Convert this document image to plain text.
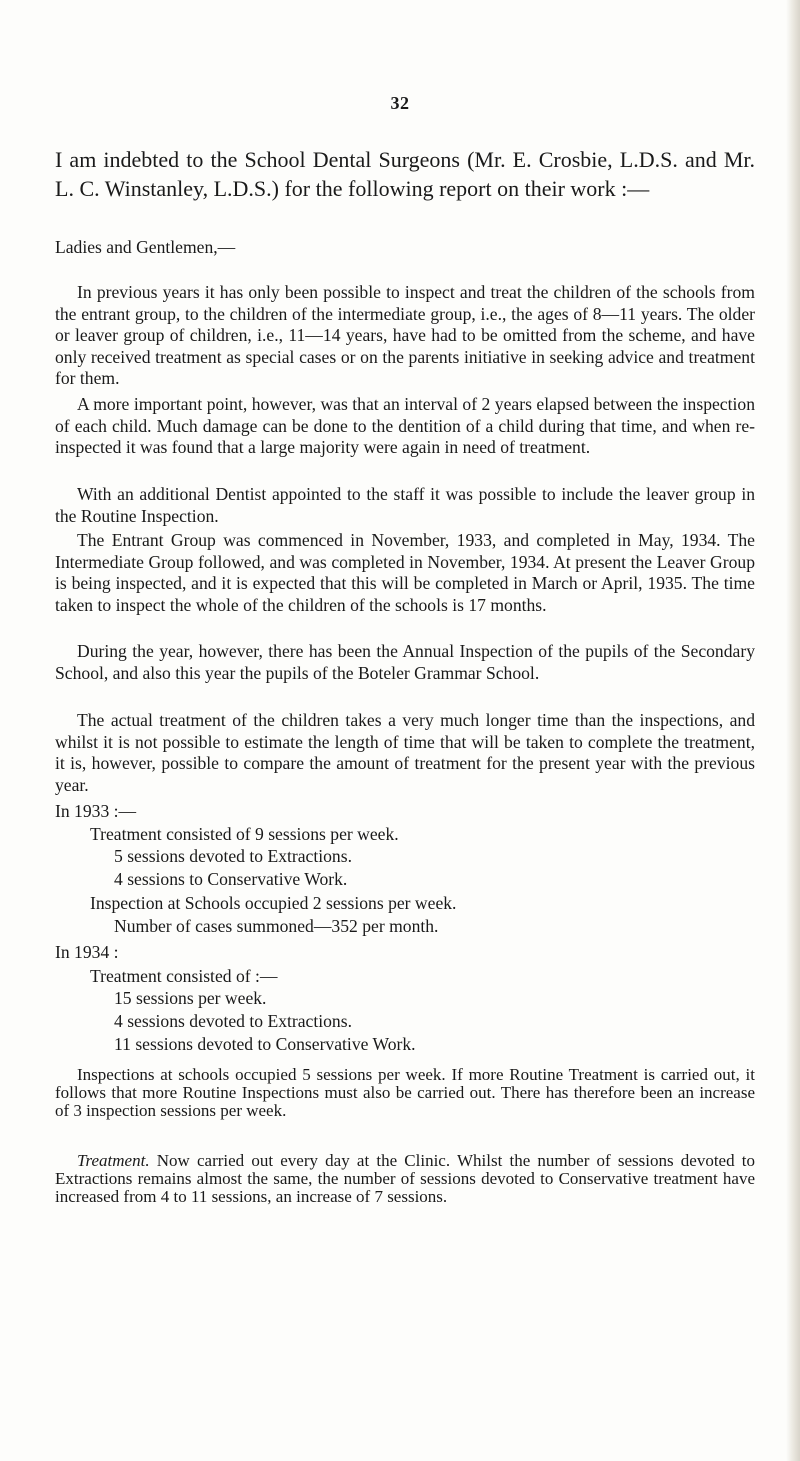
32

I am indebted to the School Dental Surgeons (Mr. E. Crosbie, L.D.S. and Mr. L. C. Winstanley, L.D.S.) for the following report on their work :—

Ladies and Gentlemen,—

In previous years it has only been possible to inspect and treat the children of the schools from the entrant group, to the children of the intermediate group, i.e., the ages of 8—11 years. The older or leaver group of children, i.e., 11—14 years, have had to be omitted from the scheme, and have only received treatment as special cases or on the parents initiative in seeking advice and treatment for them.

A more important point, however, was that an interval of 2 years elapsed between the inspection of each child. Much damage can be done to the dentition of a child during that time, and when re-inspected it was found that a large majority were again in need of treatment.

With an additional Dentist appointed to the staff it was possible to include the leaver group in the Routine Inspection.

The Entrant Group was commenced in November, 1933, and completed in May, 1934. The Intermediate Group followed, and was completed in November, 1934. At present the Leaver Group is being inspected, and it is expected that this will be completed in March or April, 1935. The time taken to inspect the whole of the children of the schools is 17 months.

During the year, however, there has been the Annual Inspection of the pupils of the Secondary School, and also this year the pupils of the Boteler Grammar School.

The actual treatment of the children takes a very much longer time than the inspections, and whilst it is not possible to estimate the length of time that will be taken to complete the treatment, it is, however, possible to compare the amount of treatment for the present year with the previous year.

In 1933 :—

Treatment consisted of 9 sessions per week.

5 sessions devoted to Extractions.

4 sessions to Conservative Work.

Inspection at Schools occupied 2 sessions per week.

Number of cases summoned—352 per month.

In 1934 :

Treatment consisted of :—

15 sessions per week.

4 sessions devoted to Extractions.

11 sessions devoted to Conservative Work.

Inspections at schools occupied 5 sessions per week. If more Routine Treatment is carried out, it follows that more Routine Inspections must also be carried out. There has therefore been an increase of 3 inspection sessions per week.

Treatment. Now carried out every day at the Clinic. Whilst the number of sessions devoted to Extractions remains almost the same, the number of sessions devoted to Conservative treatment have increased from 4 to 11 sessions, an increase of 7 sessions.
